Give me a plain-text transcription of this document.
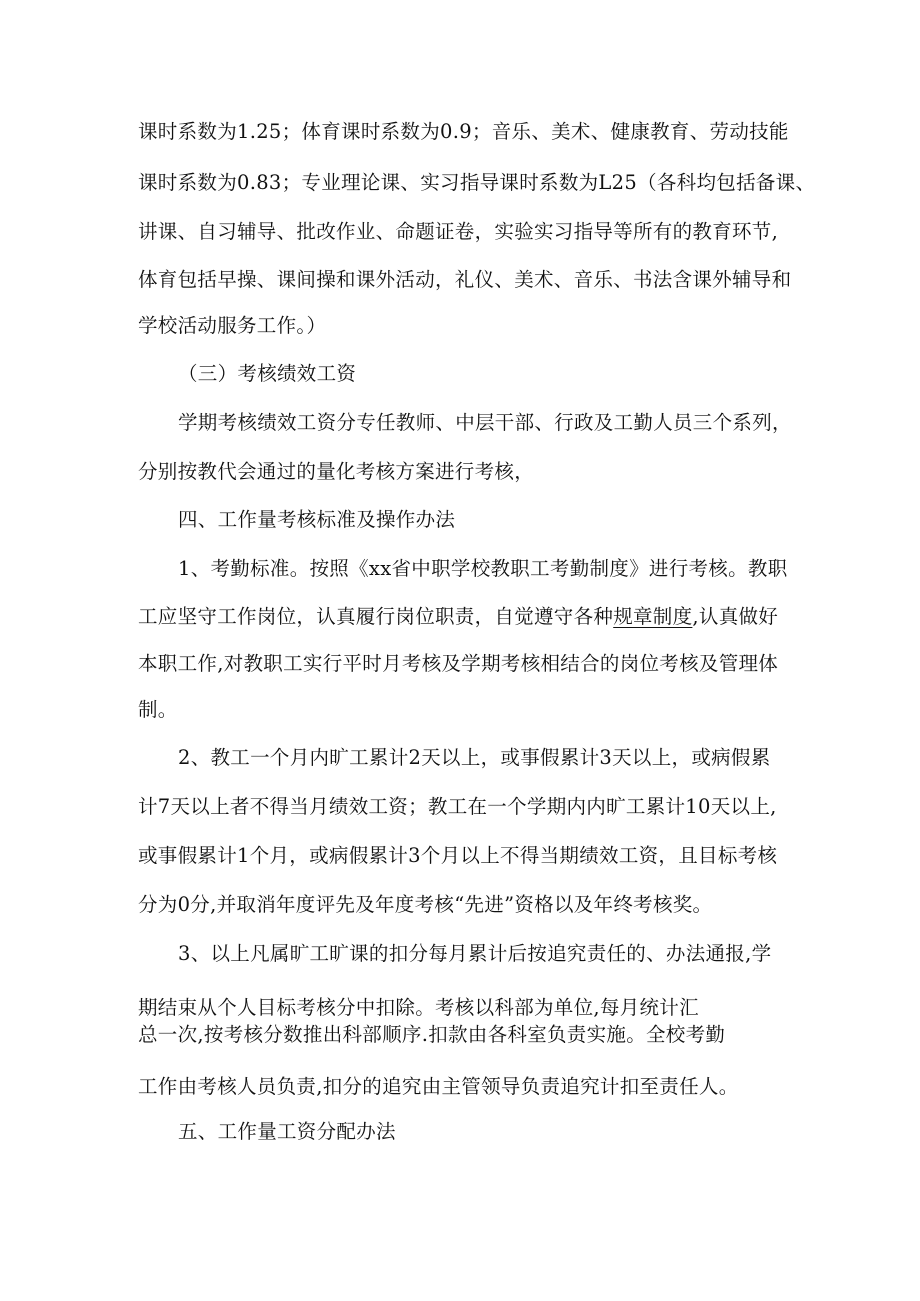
课时系数为1.25；体育课时系数为0.9；音乐、美术、健康教育、劳动技能

课时系数为0.83；专业理论课、实习指导课时系数为L25（各科均包括备课、

讲课、自习辅导、批改作业、命题证卷，实验实习指导等所有的教育环节,

体育包括早操、课间操和课外活动，礼仪、美术、音乐、书法含课外辅导和

学校活动服务工作。）

（三）考核绩效工资

学期考核绩效工资分专任教师、中层干部、行政及工勤人员三个系列，

分别按教代会通过的量化考核方案进行考核，

四、工作量考核标准及操作办法

1、考勤标准。按照《xx省中职学校教职工考勤制度》进行考核。教职

工应坚守工作岗位，认真履行岗位职责，自觉遵守各种规章制度,认真做好

本职工作,对教职工实行平时月考核及学期考核相结合的岗位考核及管理体

制。

2、教工一个月内旷工累计2天以上，或事假累计3天以上，或病假累

计7天以上者不得当月绩效工资；教工在一个学期内内旷工累计10天以上,

或事假累计1个月，或病假累计3个月以上不得当期绩效工资，且目标考核

分为0分,并取消年度评先及年度考核“先进”资格以及年终考核奖。

3、以上凡属旷工旷课的扣分每月累计后按追究责任的、办法通报,学

期结束从个人目标考核分中扣除。考核以科部为单位,每月统计汇

总一次,按考核分数推出科部顺序.扣款由各科室负责实施。全校考勤

工作由考核人员负责,扣分的追究由主管领导负责追究计扣至责任人。

五、工作量工资分配办法
